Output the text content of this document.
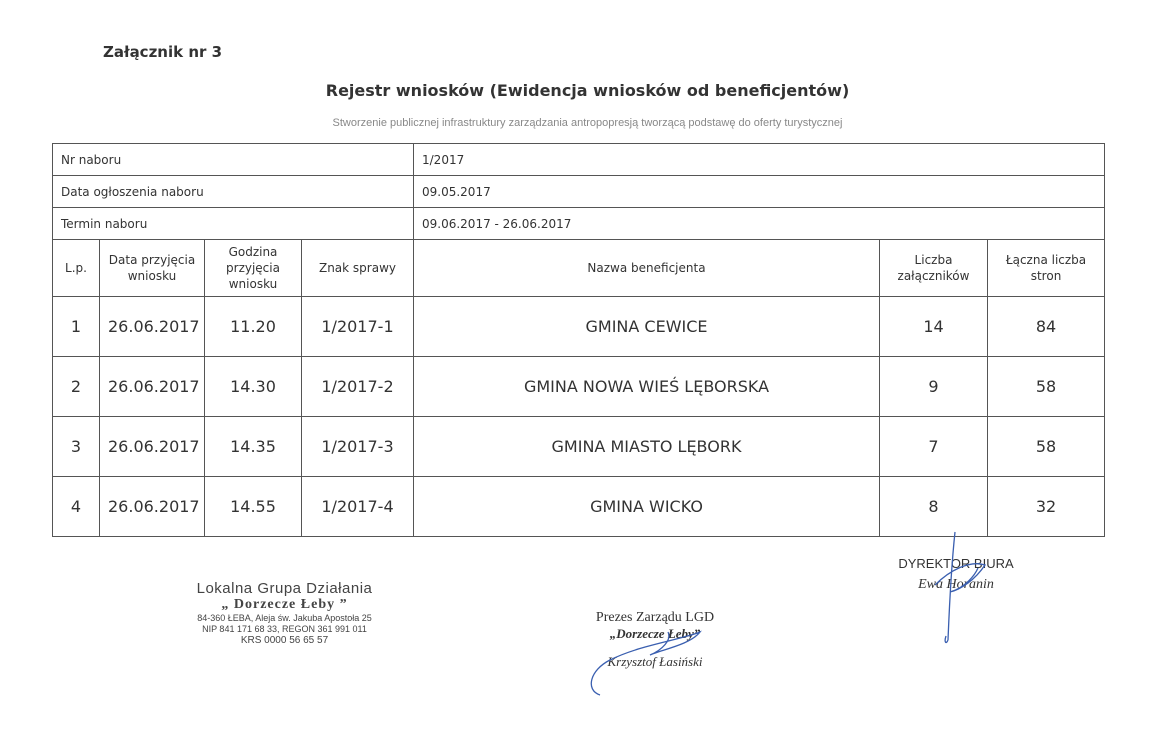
Załącznik nr 3
Rejestr wniosków (Ewidencja wniosków od beneficjentów)
Stworzenie publicznej infrastruktury zarządzania antropopresją tworzącą podstawę do oferty turystycznej
Nr naboru				1/2017		
Data ogłoszenia naboru				09.05.2017		
Termin naboru				09.06.2017 - 26.06.2017		
L.p.	Data przyjęcia wniosku	Godzina przyjęcia wniosku	Znak sprawy	Nazwa beneficjenta	Liczba załączników	Łączna liczba stron
1	26.06.2017	11.20	1/2017-1	GMINA CEWICE	14	84
2	26.06.2017	14.30	1/2017-2	GMINA NOWA WIEŚ LĘBORSKA	9	58
3	26.06.2017	14.35	1/2017-3	GMINA MIASTO LĘBORK	7	58
4	26.06.2017	14.55	1/2017-4	GMINA WICKO	8	32
Lokalna Grupa Działania
„ Dorzecze Łeby ”
84-360 ŁEBA, Aleja św. Jakuba Apostoła 25
NIP 841 171 68 33, REGON 361 991 011
KRS 0000 56 65 57
Prezes Zarządu LGD
„Dorzecze Łeby”
Krzysztof Łasiński
DYREKTOR BIURA
Ewa Horanin
